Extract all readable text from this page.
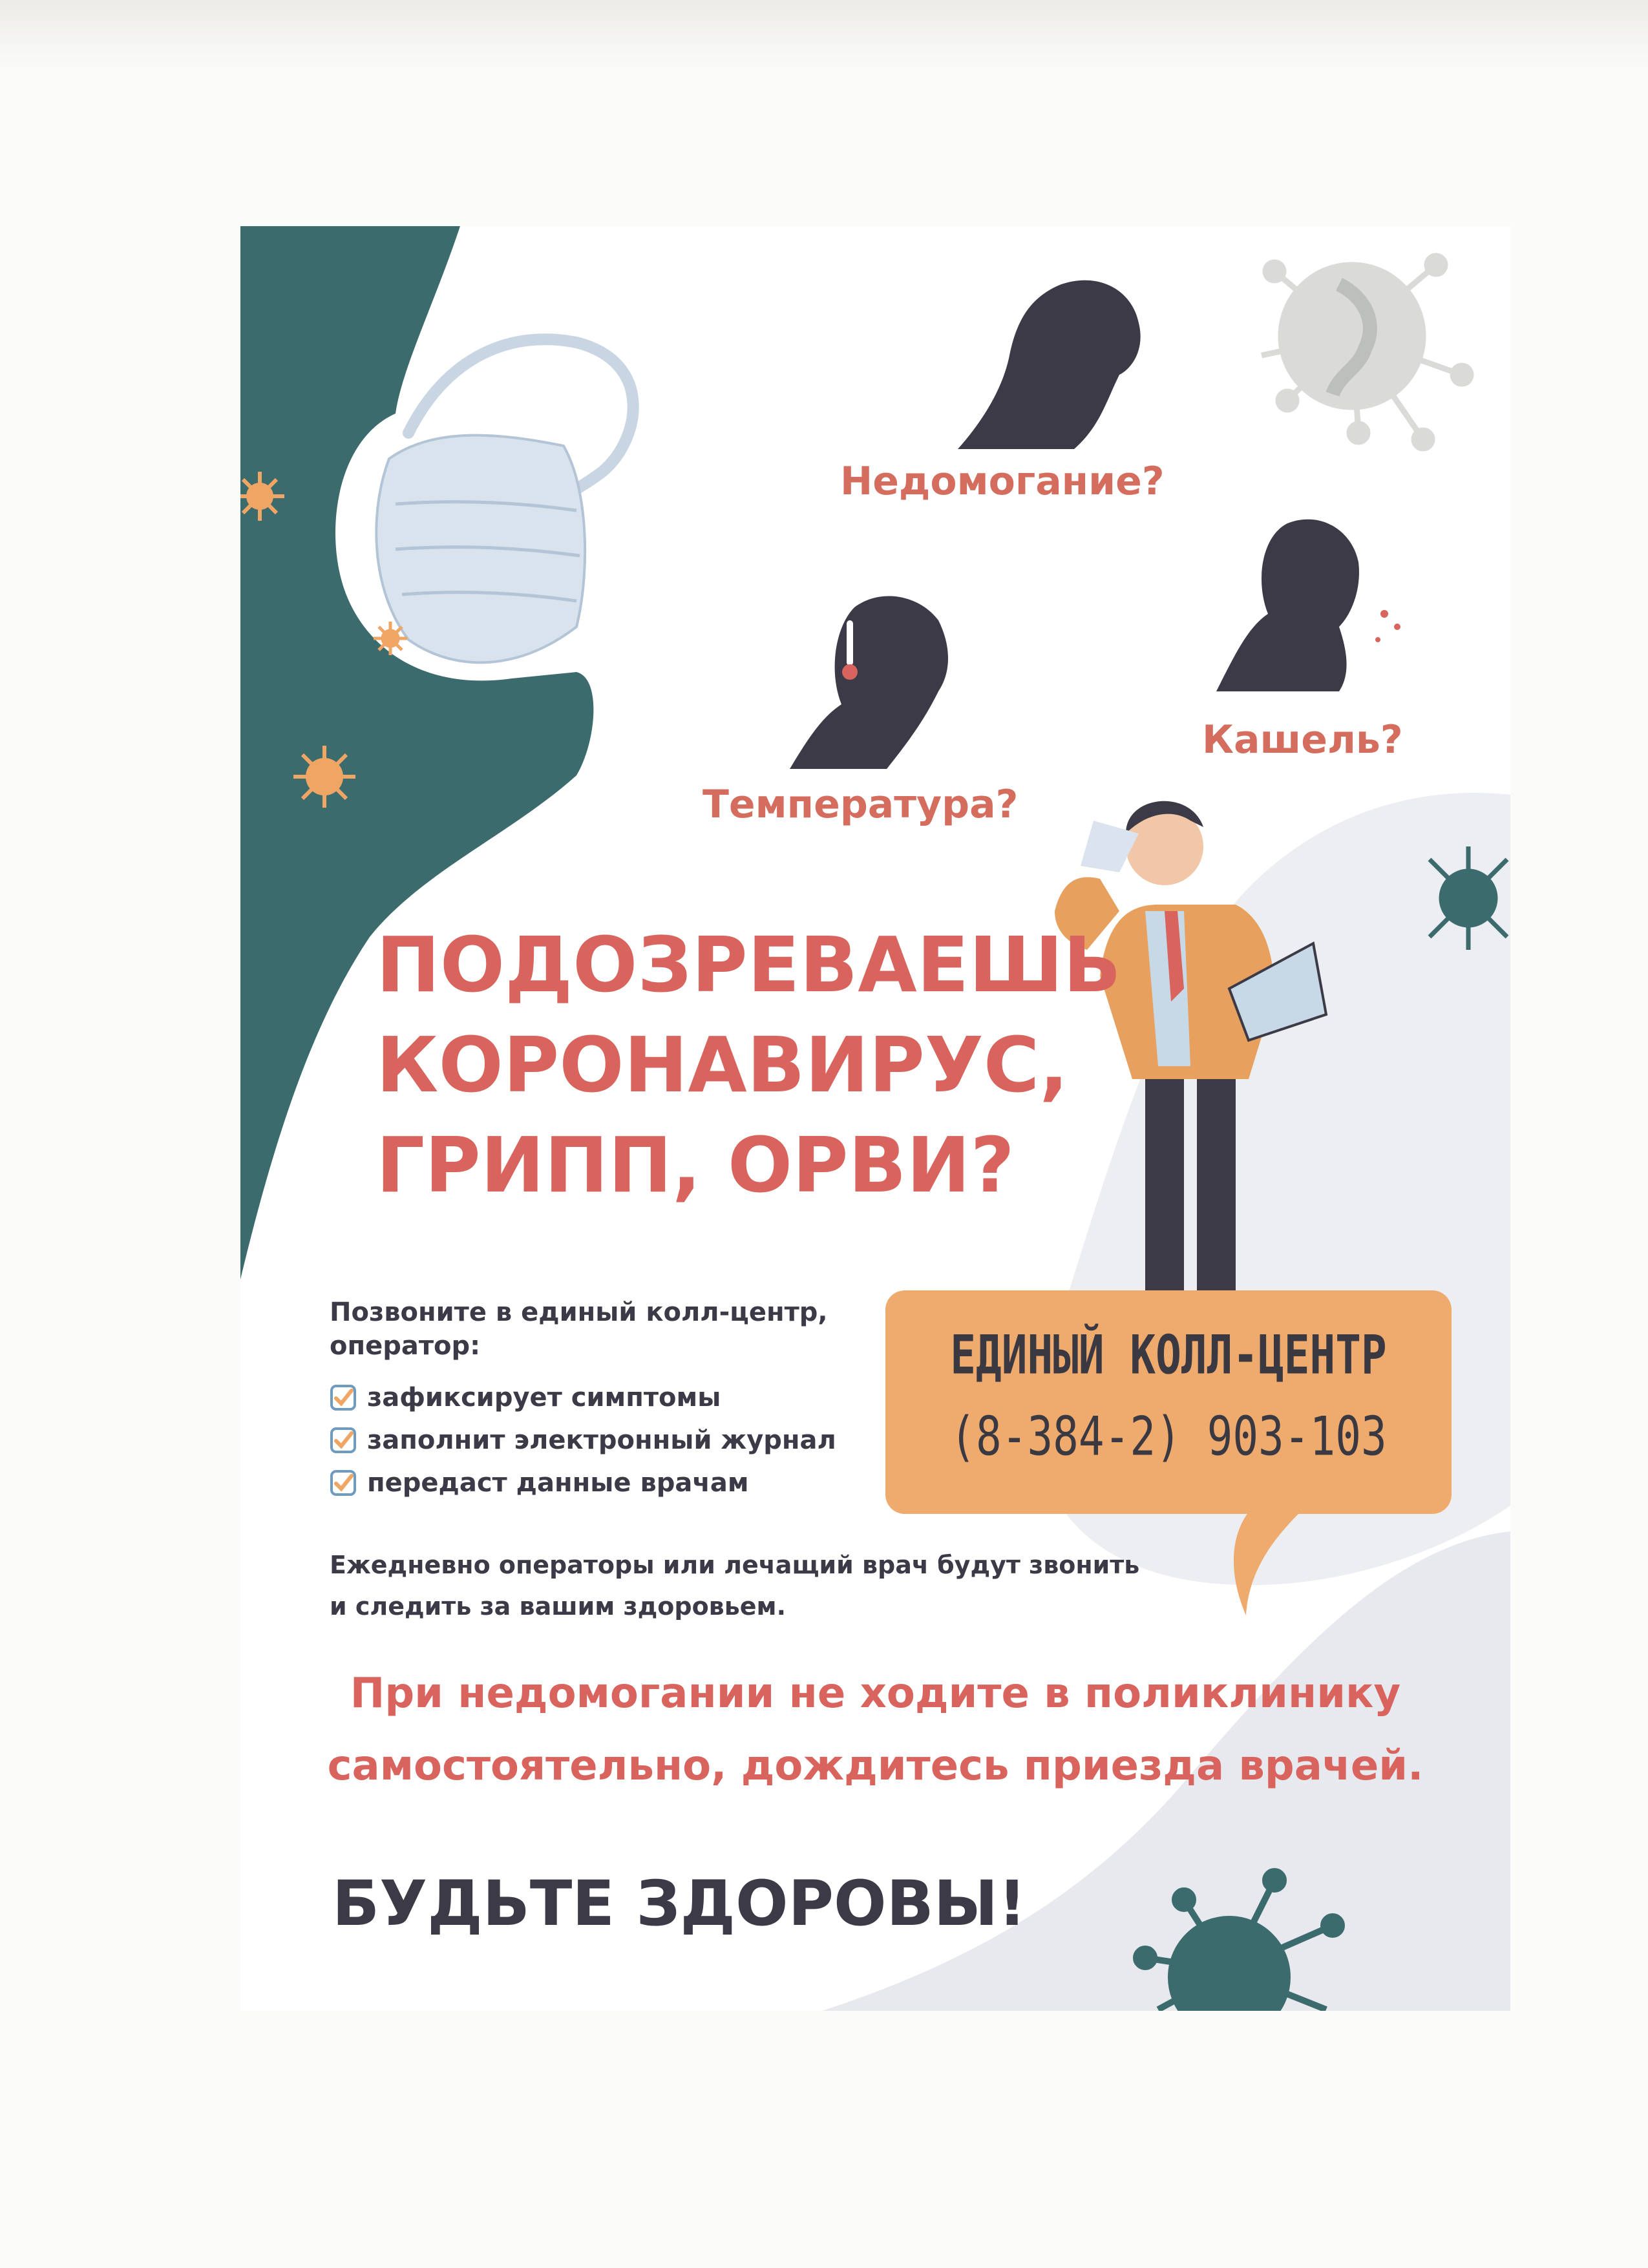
Недомогание?

Температура?

Кашель?

ПОДОЗРЕВАЕШЬ
КОРОНАВИРУС,
ГРИПП, ОРВИ?

Позвоните в единый колл-центр,
оператор:

зафиксирует симптомы
заполнит электронный журнал
передаст данные врачам

Ежедневно операторы или лечащий врач будут звонить
и следить за вашим здоровьем.

ЕДИНЫЙ КОЛЛ-ЦЕНТР
(8-384-2) 903-103

При недомогании не ходите в поликлинику
самостоятельно, дождитесь приезда врачей.

БУДЬТЕ ЗДОРОВЫ!
